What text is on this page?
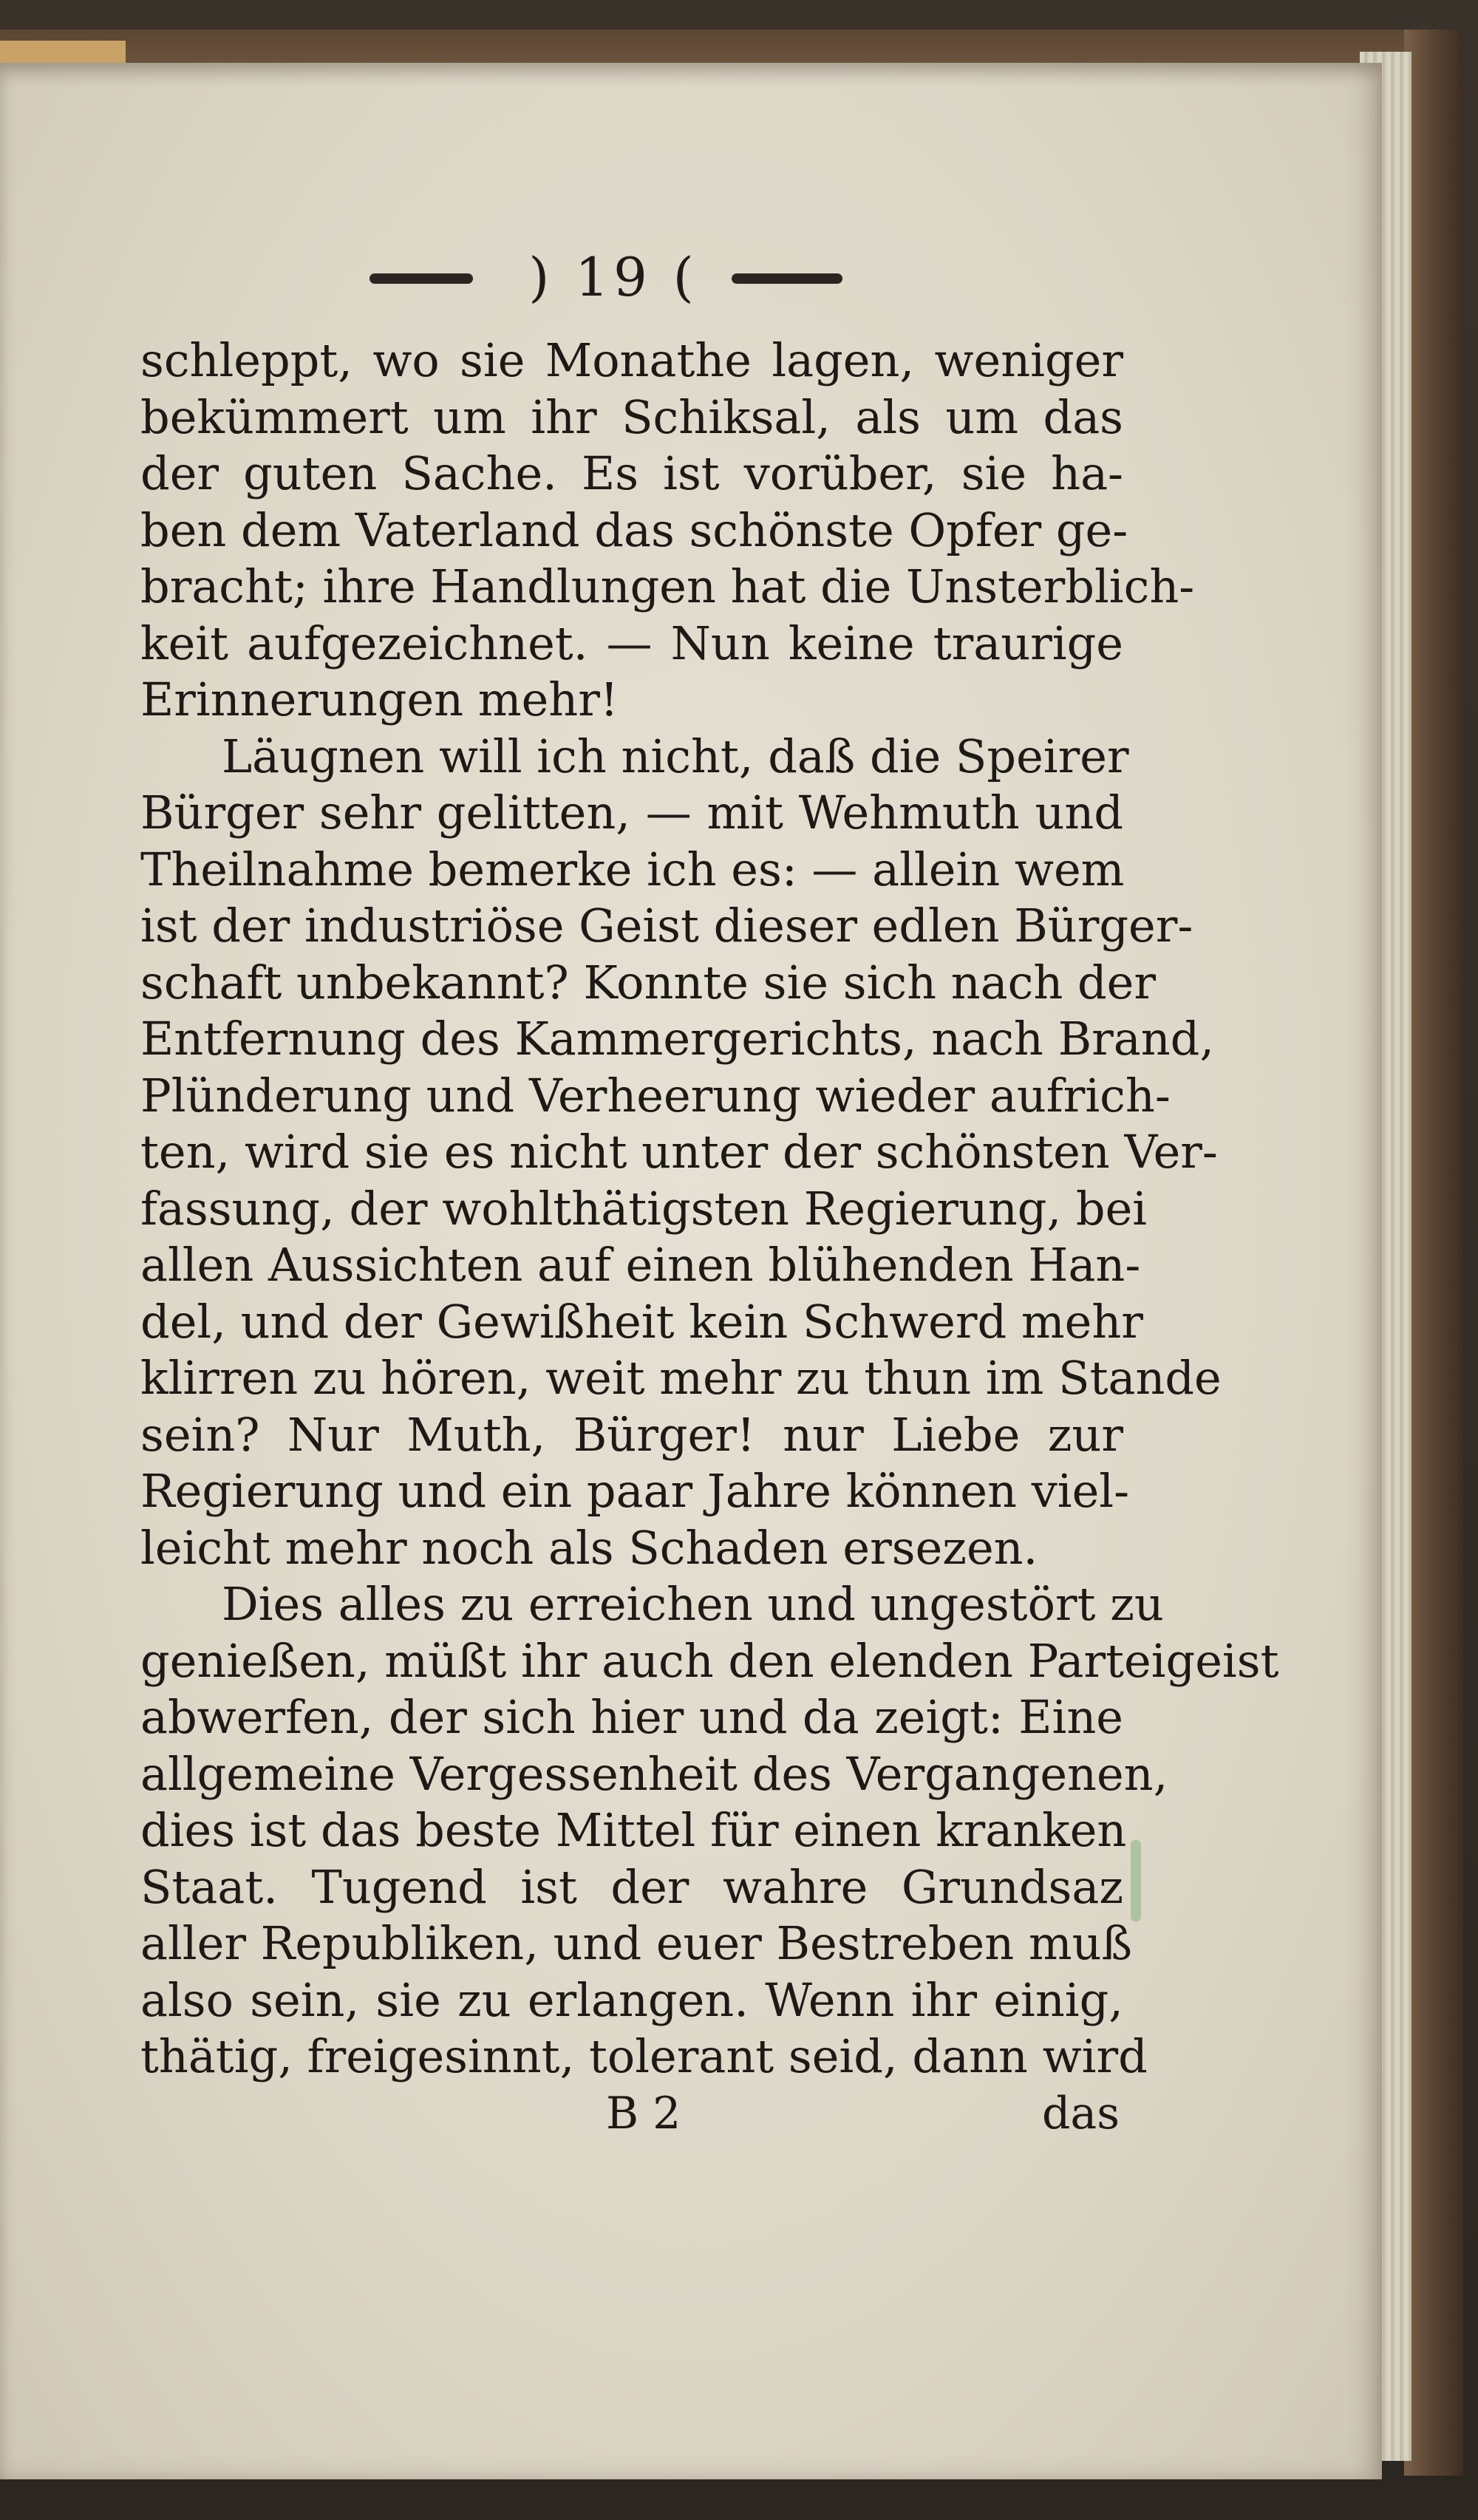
) 19 (
schleppt, wo sie Monathe lagen, weniger
bekümmert um ihr Schiksal, als um das
der guten Sache. Es ist vorüber, sie ha-
ben dem Vaterland das schönste Opfer ge-
bracht; ihre Handlungen hat die Unsterblich-
keit aufgezeichnet. — Nun keine traurige
Erinnerungen mehr!
Läugnen will ich nicht, daß die Speirer
Bürger sehr gelitten, — mit Wehmuth und
Theilnahme bemerke ich es: — allein wem
ist der industriöse Geist dieser edlen Bürger-
schaft unbekannt? Konnte sie sich nach der
Entfernung des Kammergerichts, nach Brand,
Plünderung und Verheerung wieder aufrich-
ten, wird sie es nicht unter der schönsten Ver-
fassung, der wohlthätigsten Regierung, bei
allen Aussichten auf einen blühenden Han-
del, und der Gewißheit kein Schwerd mehr
klirren zu hören, weit mehr zu thun im Stande
sein? Nur Muth, Bürger! nur Liebe zur
Regierung und ein paar Jahre können viel-
leicht mehr noch als Schaden ersezen.
Dies alles zu erreichen und ungestört zu
genießen, müßt ihr auch den elenden Parteigeist
abwerfen, der sich hier und da zeigt: Eine
allgemeine Vergessenheit des Vergangenen,
dies ist das beste Mittel für einen kranken
Staat. Tugend ist der wahre Grundsaz
aller Republiken, und euer Bestreben muß
also sein, sie zu erlangen. Wenn ihr einig,
thätig, freigesinnt, tolerant seid, dann wird
B 2	das
